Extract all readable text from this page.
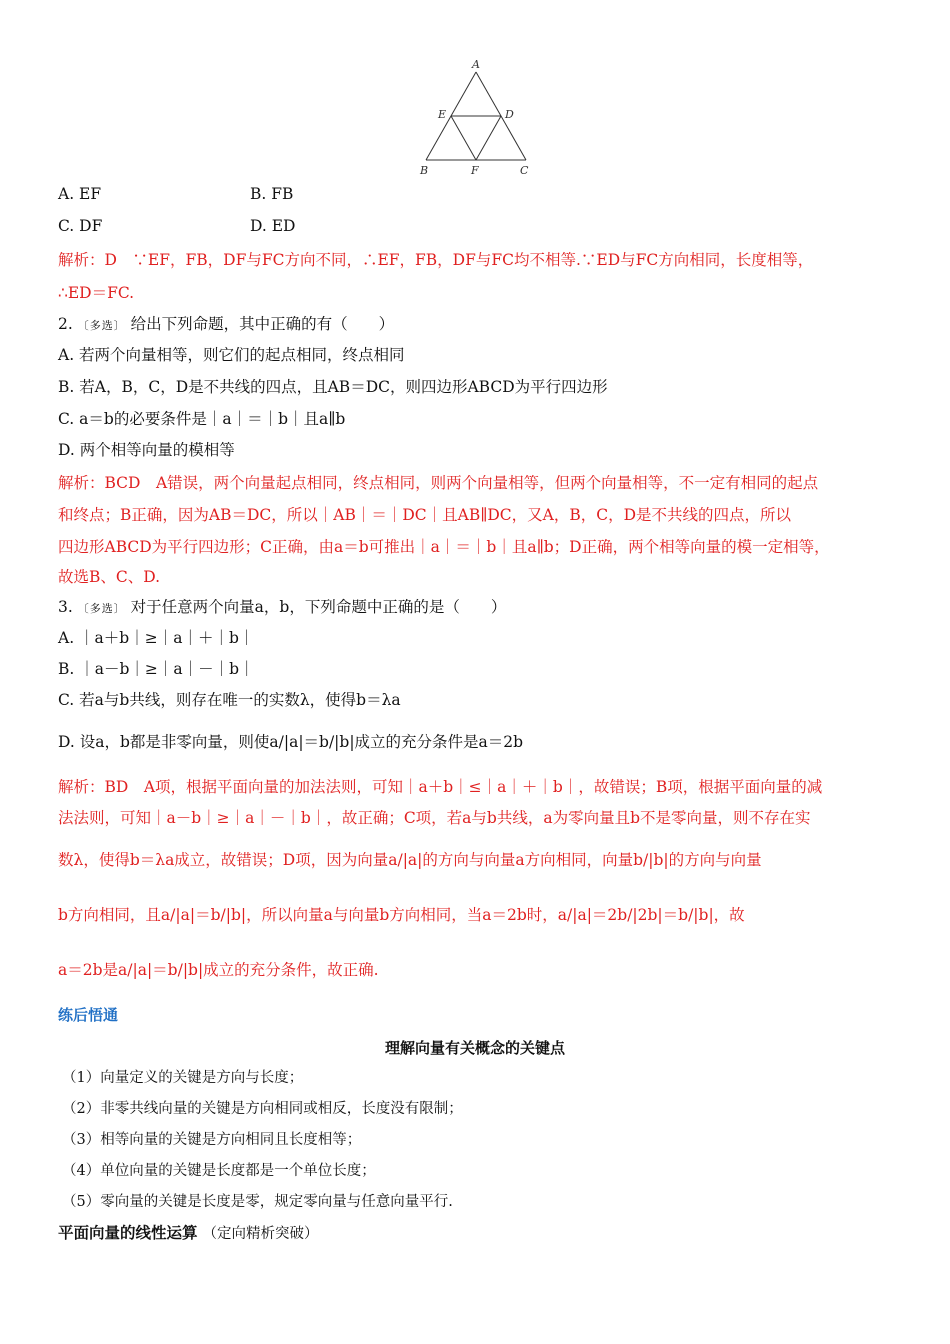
A
E	D
B	F	C
A. EF	B. FB
C. DF	D. ED
解析：D　∵EF，FB，DF与FC方向不同，∴EF，FB，DF与FC均不相等.∵ED与FC方向相同，长度相等，
∴ED＝FC.
2. 〔多选〕 给出下列命题，其中正确的有（　　）
A. 若两个向量相等，则它们的起点相同，终点相同
B. 若A，B，C，D是不共线的四点，且AB＝DC，则四边形ABCD为平行四边形
C. a＝b的必要条件是｜a｜＝｜b｜且a∥b
D. 两个相等向量的模相等
解析：BCD　A错误，两个向量起点相同，终点相同，则两个向量相等，但两个向量相等，不一定有相同的起点
和终点；B正确，因为AB＝DC，所以｜AB｜＝｜DC｜且AB∥DC，又A，B，C，D是不共线的四点，所以
四边形ABCD为平行四边形；C正确，由a＝b可推出｜a｜＝｜b｜且a∥b；D正确，两个相等向量的模一定相等，
故选B、C、D.
3. 〔多选〕 对于任意两个向量a，b，下列命题中正确的是（　　）
A. ｜a＋b｜≥｜a｜＋｜b｜
B. ｜a－b｜≥｜a｜－｜b｜
C. 若a与b共线，则存在唯一的实数λ，使得b＝λa
D. 设a，b都是非零向量，则使a/|a|＝b/|b|成立的充分条件是a＝2b
解析：BD　A项，根据平面向量的加法法则，可知｜a＋b｜≤｜a｜＋｜b｜，故错误；B项，根据平面向量的减
法法则，可知｜a－b｜≥｜a｜－｜b｜，故正确；C项，若a与b共线，a为零向量且b不是零向量，则不存在实
数λ，使得b＝λa成立，故错误；D项，因为向量a/|a|的方向与向量a方向相同，向量b/|b|的方向与向量
b方向相同，且a/|a|＝b/|b|，所以向量a与向量b方向相同，当a＝2b时，a/|a|＝2b/|2b|＝b/|b|，故
a＝2b是a/|a|＝b/|b|成立的充分条件，故正确.
练后悟通
理解向量有关概念的关键点
（1）向量定义的关键是方向与长度；
（2）非零共线向量的关键是方向相同或相反，长度没有限制；
（3）相等向量的关键是方向相同且长度相等；
（4）单位向量的关键是长度都是一个单位长度；
（5）零向量的关键是长度是零，规定零向量与任意向量平行.
平面向量的线性运算 （定向精析突破）
